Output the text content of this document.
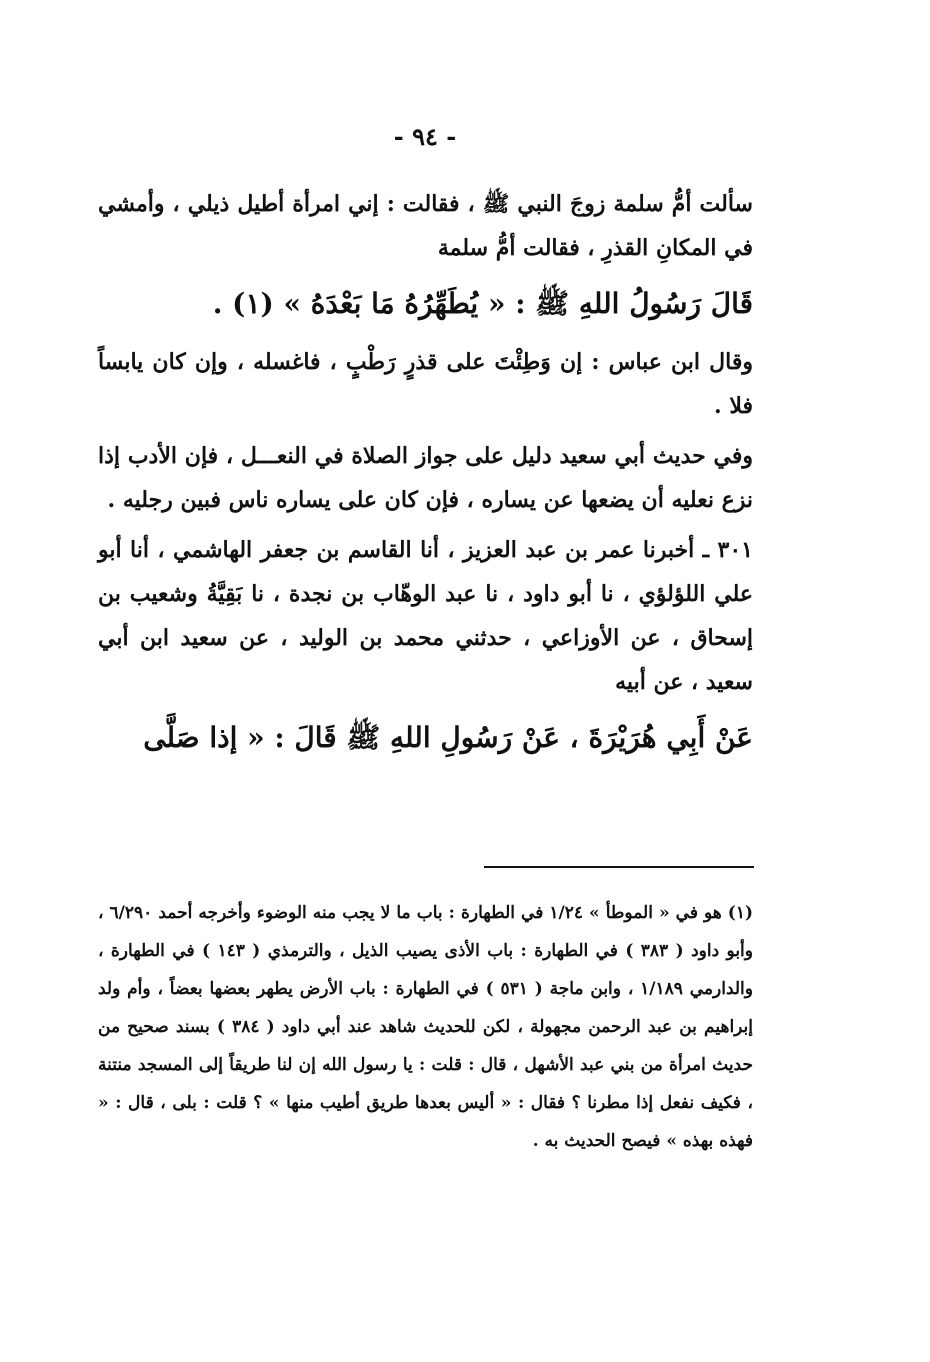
- ٩٤ -

سألت أمُّ سلمة زوجَ النبي ﷺ ، فقالت : إني امرأة أطيل ذيلي ، وأمشي في المكانِ القذرِ ، فقالت أمُّ سلمة

قَالَ رَسُولُ اللهِ ﷺ : « يُطَهِّرُهُ مَا بَعْدَهُ » (١) .

وقال ابن عباس : إن وَطِئْتَ على قذرٍ رَطْبٍ ، فاغسله ، وإن كان يابساً فلا .

وفي حديث أبي سعيد دليل على جواز الصلاة في النعـــل ، فإن الأدب إذا نزع نعليه أن يضعها عن يساره ، فإن كان على يساره ناس فبين رجليه .

٣٠١ ـ أخبرنا عمر بن عبد العزيز ، أنا القاسم بن جعفر الهاشمي ، أنا أبو علي اللؤلؤي ، نا أبو داود ، نا عبد الوهّاب بن نجدة ، نا بَقِيَّةُ وشعيب بن إسحاق ، عن الأوزاعي ، حدثني محمد بن الوليد ، عن سعيد ابن أبي سعيد ، عن أبيه

عَنْ أَبِي هُرَيْرَةَ ، عَنْ رَسُولِ اللهِ ﷺ قَالَ : « إذا صَلَّى

(١) هو في « الموطأ » ١/٢٤ في الطهارة : باب ما لا يجب منه الوضوء وأخرجه أحمد ٦/٢٩٠ ، وأبو داود ( ٣٨٣ ) في الطهارة : باب الأذى يصيب الذيل ، والترمذي ( ١٤٣ ) في الطهارة ، والدارمي ١/١٨٩ ، وابن ماجة ( ٥٣١ ) في الطهارة : باب الأرض يطهر بعضها بعضاً ، وأم ولد إبراهيم بن عبد الرحمن مجهولة ، لكن للحديث شاهد عند أبي داود ( ٣٨٤ ) بسند صحيح من حديث امرأة من بني عبد الأشهل ، قال : قلت : يا رسول الله إن لنا طريقاً إلى المسجد منتنة ، فكيف نفعل إذا مطرنا ؟ فقال : « أليس بعدها طريق أطيب منها » ؟ قلت : بلى ، قال : « فهذه بهذه » فيصح الحديث به .
